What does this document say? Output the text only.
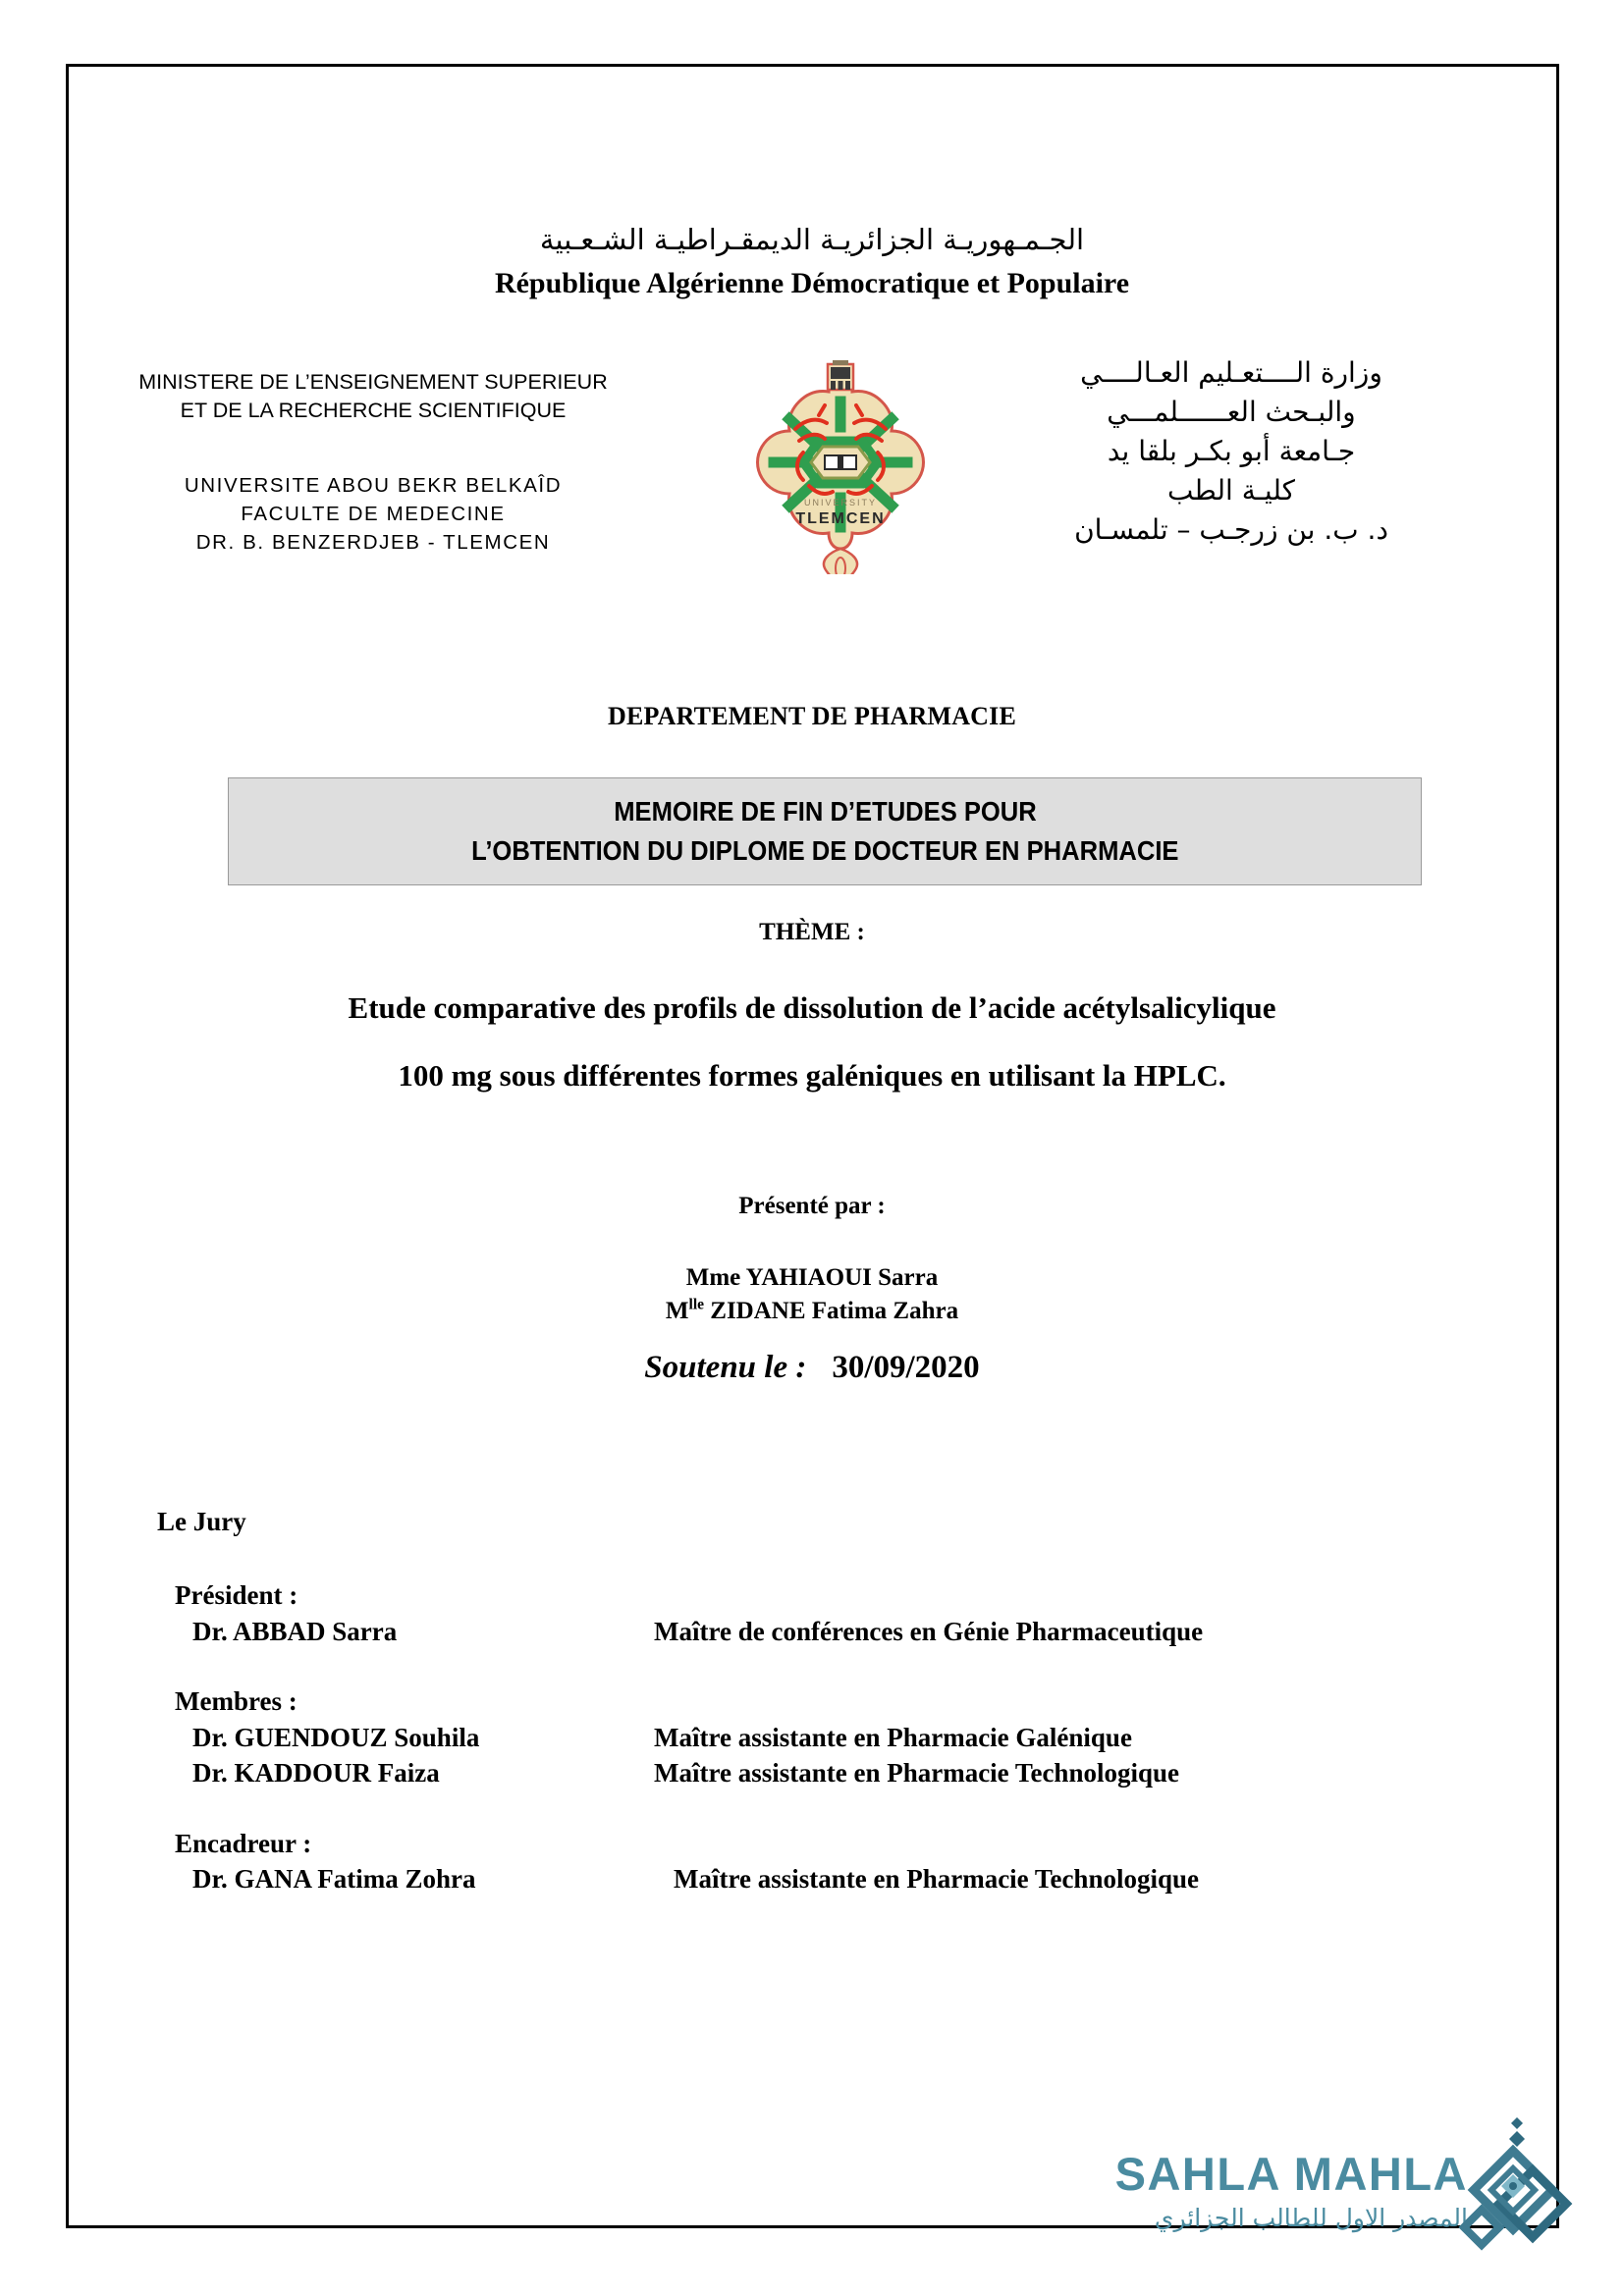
الجـمـهوريـة الجزائريـة الديمقـراطيـة الشـعـبية
République Algérienne Démocratique et Populaire
MINISTERE DE L’ENSEIGNEMENT SUPERIEUR
ET DE LA RECHERCHE SCIENTIFIQUE
UNIVERSITE ABOU BEKR BELKAÎD
FACULTE DE MEDECINE
DR. B. BENZERDJEB - TLEMCEN
وزارة الــــتعـليم العـالــــي
والبـحث العــــــلمـــي
جـامعة أبو بكـر بلقا يد
كليـة الطب
د. ب. بن زرجـب – تلمسـان
UNIVERSITY
TLEMCEN
DEPARTEMENT DE PHARMACIE
MEMOIRE DE FIN D’ETUDES POUR
L’OBTENTION DU DIPLOME DE DOCTEUR EN PHARMACIE
THÈME :
Etude comparative des profils de dissolution de l’acide acétylsalicylique
100 mg sous différentes formes galéniques en utilisant la HPLC.
Présenté par :
Mme YAHIAOUI Sarra
$M^{lle}$ ZIDANE Fatima Zahra
Soutenu le : 30/09/2020
Le Jury
Président :
Dr. ABBAD Sarra	Maître de conférences en Génie Pharmaceutique
Membres :
Dr. GUENDOUZ Souhila	Maître assistante en Pharmacie Galénique
Dr. KADDOUR Faiza	Maître assistante en Pharmacie Technologique
Encadreur :
Dr. GANA Fatima Zohra	Maître assistante en Pharmacie Technologique
SAHLA MAHLA
المصدر الاول للطالب الجزائري
